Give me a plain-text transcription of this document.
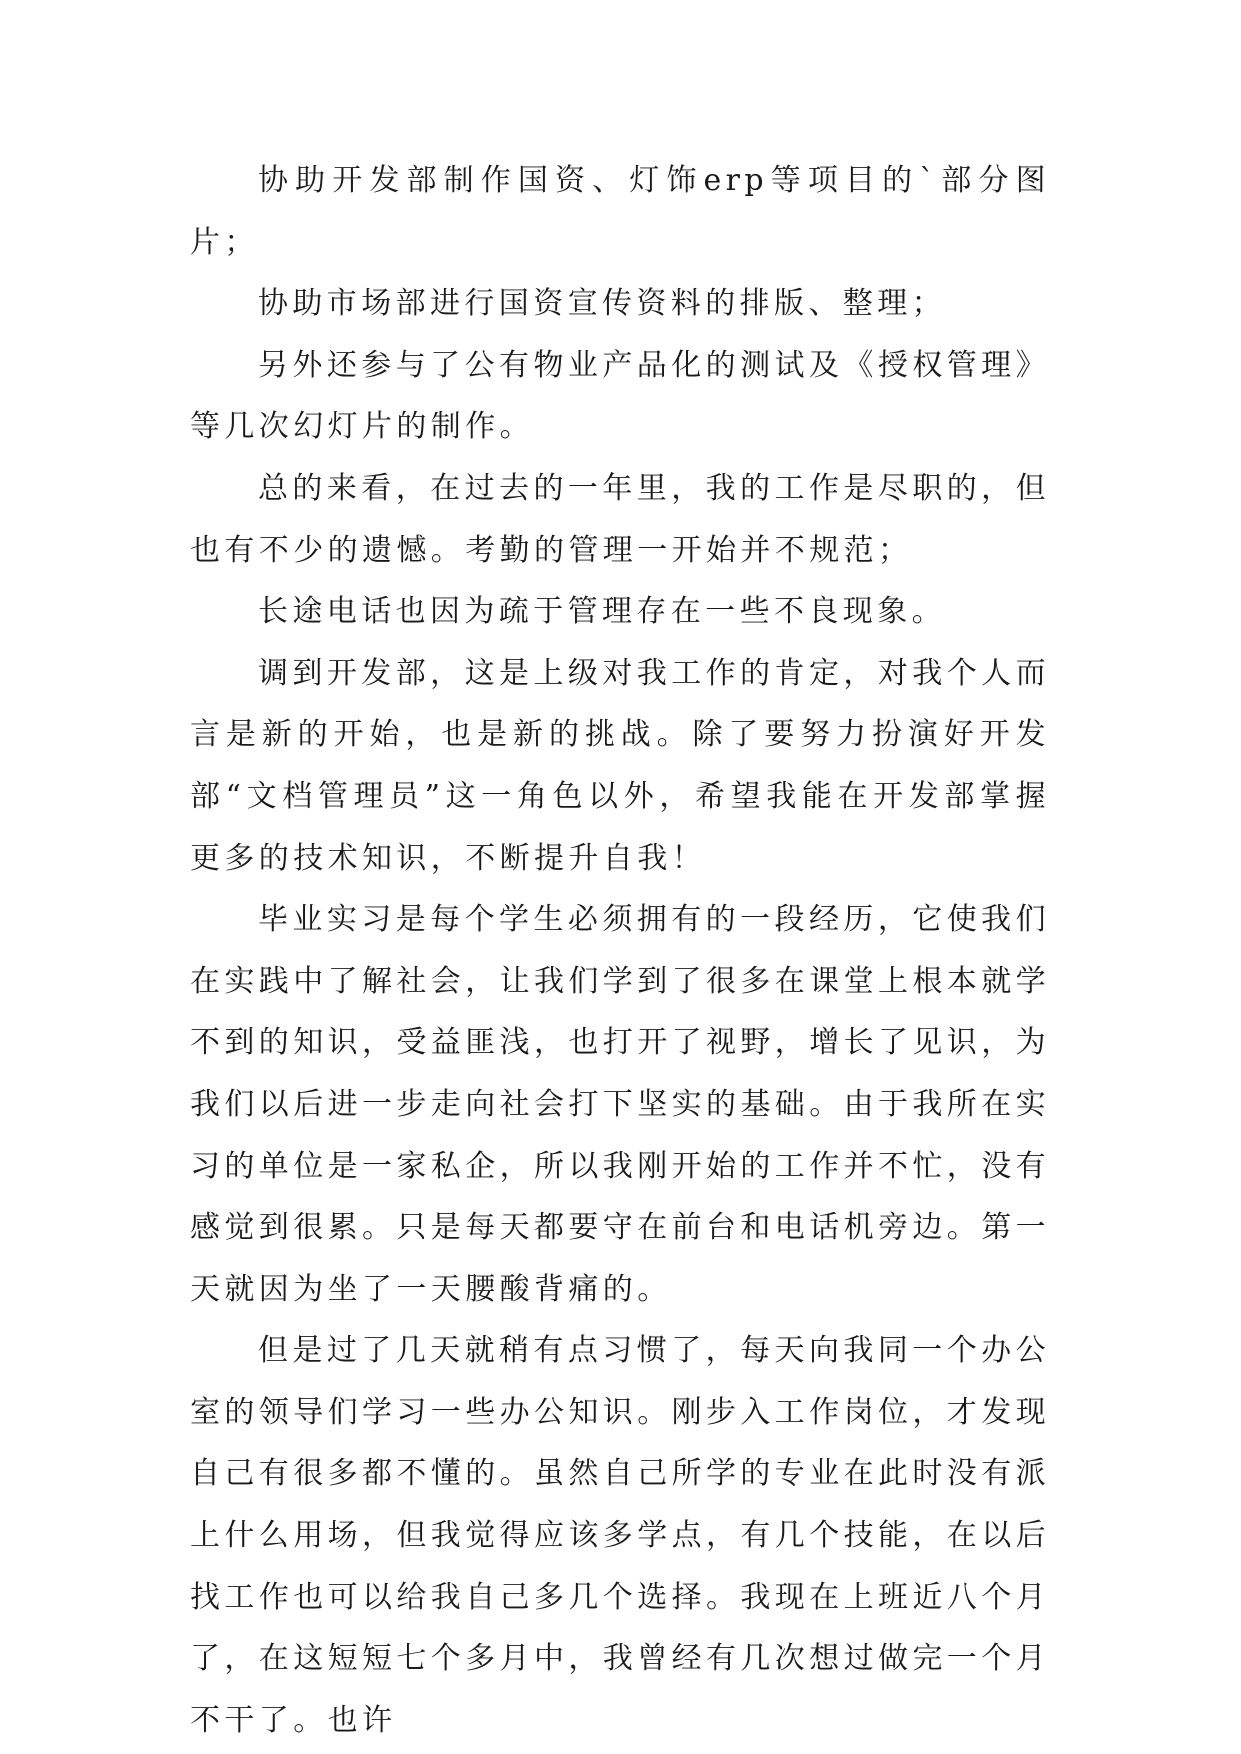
协助开发部制作国资、灯饰erp等项目的`部分图片；

协助市场部进行国资宣传资料的排版、整理；

另外还参与了公有物业产品化的测试及《授权管理》等几次幻灯片的制作。

总的来看，在过去的一年里，我的工作是尽职的，但也有不少的遗憾。考勤的管理一开始并不规范；

长途电话也因为疏于管理存在一些不良现象。

调到开发部，这是上级对我工作的肯定，对我个人而言是新的开始，也是新的挑战。除了要努力扮演好开发部“文档管理员”这一角色以外，希望我能在开发部掌握更多的技术知识，不断提升自我！

毕业实习是每个学生必须拥有的一段经历，它使我们在实践中了解社会，让我们学到了很多在课堂上根本就学不到的知识，受益匪浅，也打开了视野，增长了见识，为我们以后进一步走向社会打下坚实的基础。由于我所在实习的单位是一家私企，所以我刚开始的工作并不忙，没有感觉到很累。只是每天都要守在前台和电话机旁边。第一天就因为坐了一天腰酸背痛的。

但是过了几天就稍有点习惯了，每天向我同一个办公室的领导们学习一些办公知识。刚步入工作岗位，才发现自己有很多都不懂的。虽然自己所学的专业在此时没有派上什么用场，但我觉得应该多学点，有几个技能，在以后找工作也可以给我自己多几个选择。我现在上班近八个月了，在这短短七个多月中，我曾经有几次想过做完一个月不干了。也许
